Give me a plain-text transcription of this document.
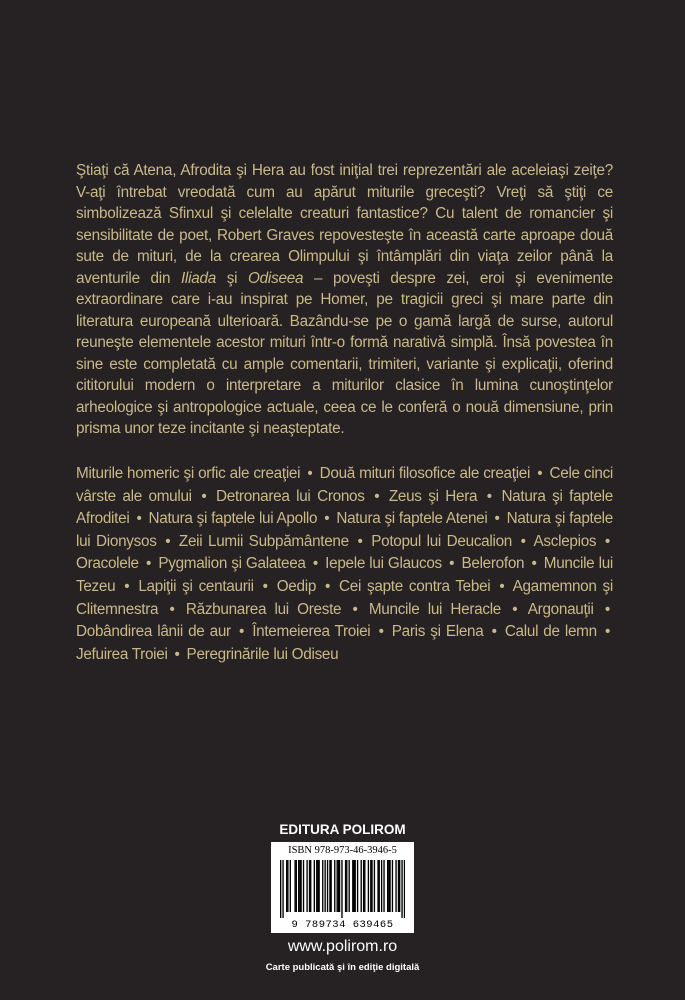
Ştiaţi că Atena, Afrodita şi Hera au fost iniţial trei reprezentări ale aceleiaşi zeiţe? V-aţi întrebat vreodată cum au apărut miturile greceşti? Vreţi să ştiţi ce simbolizează Sfinxul şi celelalte creaturi fantastice? Cu talent de romancier şi sensibilitate de poet, Robert Graves repovesteşte în această carte aproape două sute de mituri, de la crearea Olimpului şi întâmplări din viaţa zeilor până la aventurile din Iliada şi Odiseea – poveşti despre zei, eroi şi evenimente extraordinare care i-au inspirat pe Homer, pe tragicii greci şi mare parte din literatura europeană ulterioară. Bazându-se pe o gamă largă de surse, autorul reuneşte elementele acestor mituri într-o formă narativă simplă. Însă povestea în sine este completată cu ample comentarii, trimiteri, variante şi explicaţii, oferind cititorului modern o interpretare a miturilor clasice în lumina cunoştinţelor arheologice şi antropologice actuale, ceea ce le conferă o nouă dimensiune, prin prisma unor teze incitante şi neaşteptate.
Miturile homeric şi orfic ale creaţiei • Două mituri filosofice ale creaţiei • Cele cinci vârste ale omului • Detronarea lui Cronos • Zeus şi Hera • Natura şi faptele Afroditei • Natura şi faptele lui Apollo • Natura şi faptele Atenei • Natura şi faptele lui Dionysos • Zeii Lumii Subpământene • Potopul lui Deucalion • Asclepios • Oracolele • Pygmalion şi Galateea • Iepele lui Glaucos • Belerofon • Muncile lui Tezeu • Lapiţii şi centaurii • Oedip • Cei şapte contra Tebei • Agamemnon şi Clitemnestra • Răzbunarea lui Oreste • Muncile lui Heracle • Argonauţii • Dobândirea lânii de aur • Întemeierea Troiei • Paris şi Elena • Calul de lemn • Jefuirea Troiei • Peregrinările lui Odiseu
EDITURA POLIROM
ISBN 978-973-46-3946-5
9 789734 639465
www.polirom.ro
Carte publicată şi în ediţie digitală
